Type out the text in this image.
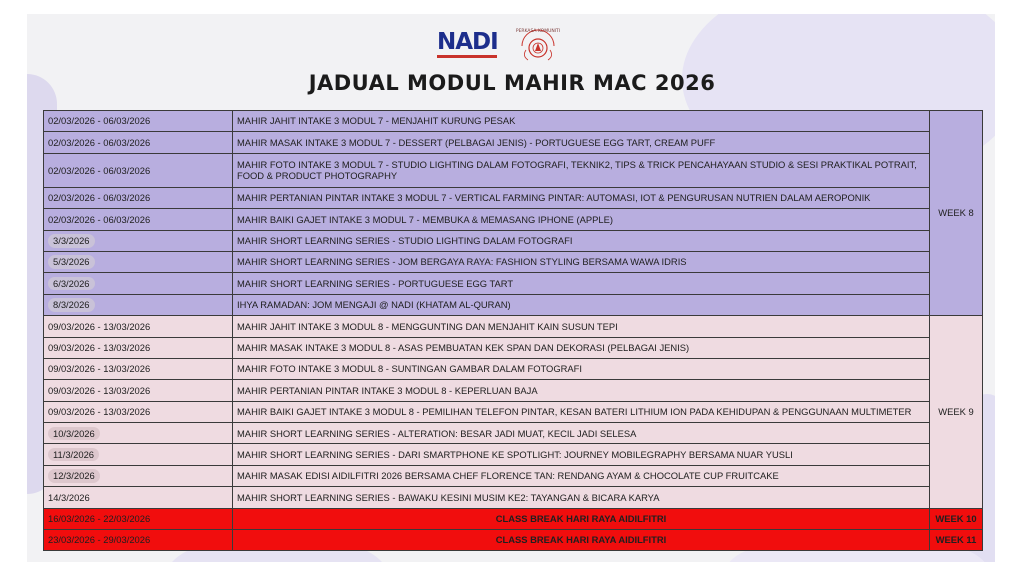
NADI	PERKASA KOMUNITI
JADUAL MODUL MAHIR MAC 2026
02/03/2026 - 06/03/2026	MAHIR JAHIT INTAKE 3 MODUL 7 - MENJAHIT KURUNG PESAK	WEEK 8
02/03/2026 - 06/03/2026	MAHIR MASAK INTAKE 3 MODUL 7 - DESSERT (PELBAGAI JENIS) - PORTUGUESE EGG TART, CREAM PUFF	
02/03/2026 - 06/03/2026	MAHIR FOTO INTAKE 3 MODUL 7 - STUDIO LIGHTING DALAM FOTOGRAFI, TEKNIK2, TIPS & TRICK PENCAHAYAAN STUDIO & SESI PRAKTIKAL POTRAIT, FOOD & PRODUCT PHOTOGRAPHY	
02/03/2026 - 06/03/2026	MAHIR PERTANIAN PINTAR INTAKE 3 MODUL 7 - VERTICAL FARMING PINTAR: AUTOMASI, IOT & PENGURUSAN NUTRIEN DALAM AEROPONIK	
02/03/2026 - 06/03/2026	MAHIR BAIKI GAJET INTAKE 3 MODUL 7 - MEMBUKA & MEMASANG IPHONE (APPLE)	
3/3/2026	MAHIR SHORT LEARNING SERIES - STUDIO LIGHTING DALAM FOTOGRAFI	
5/3/2026	MAHIR SHORT LEARNING SERIES - JOM BERGAYA RAYA: FASHION STYLING BERSAMA WAWA IDRIS	
6/3/2026	MAHIR SHORT LEARNING SERIES - PORTUGUESE EGG TART	
8/3/2026	IHYA RAMADAN: JOM MENGAJI @ NADI (KHATAM AL-QURAN)	
09/03/2026 - 13/03/2026	MAHIR JAHIT INTAKE 3 MODUL 8 - MENGGUNTING DAN MENJAHIT KAIN SUSUN TEPI	WEEK 9
09/03/2026 - 13/03/2026	MAHIR MASAK INTAKE 3 MODUL 8 - ASAS PEMBUATAN KEK SPAN DAN DEKORASI (PELBAGAI JENIS)	
09/03/2026 - 13/03/2026	MAHIR FOTO INTAKE 3 MODUL 8 - SUNTINGAN GAMBAR DALAM FOTOGRAFI	
09/03/2026 - 13/03/2026	MAHIR PERTANIAN PINTAR INTAKE 3 MODUL 8 - KEPERLUAN BAJA	
09/03/2026 - 13/03/2026	MAHIR BAIKI GAJET INTAKE 3 MODUL 8 - PEMILIHAN TELEFON PINTAR, KESAN BATERI LITHIUM ION PADA KEHIDUPAN & PENGGUNAAN MULTIMETER	
10/3/2026	MAHIR SHORT LEARNING SERIES - ALTERATION: BESAR JADI MUAT, KECIL JADI SELESA	
11/3/2026	MAHIR SHORT LEARNING SERIES - DARI SMARTPHONE KE SPOTLIGHT: JOURNEY MOBILEGRAPHY BERSAMA NUAR YUSLI	
12/3/2026	MAHIR MASAK EDISI AIDILFITRI 2026 BERSAMA CHEF FLORENCE TAN: RENDANG AYAM & CHOCOLATE CUP FRUITCAKE	
14/3/2026	MAHIR SHORT LEARNING SERIES - BAWAKU KESINI MUSIM KE2: TAYANGAN & BICARA KARYA	
16/03/2026 - 22/03/2026	CLASS BREAK HARI RAYA AIDILFITRI	WEEK 10
23/03/2026 - 29/03/2026	CLASS BREAK HARI RAYA AIDILFITRI	WEEK 11
